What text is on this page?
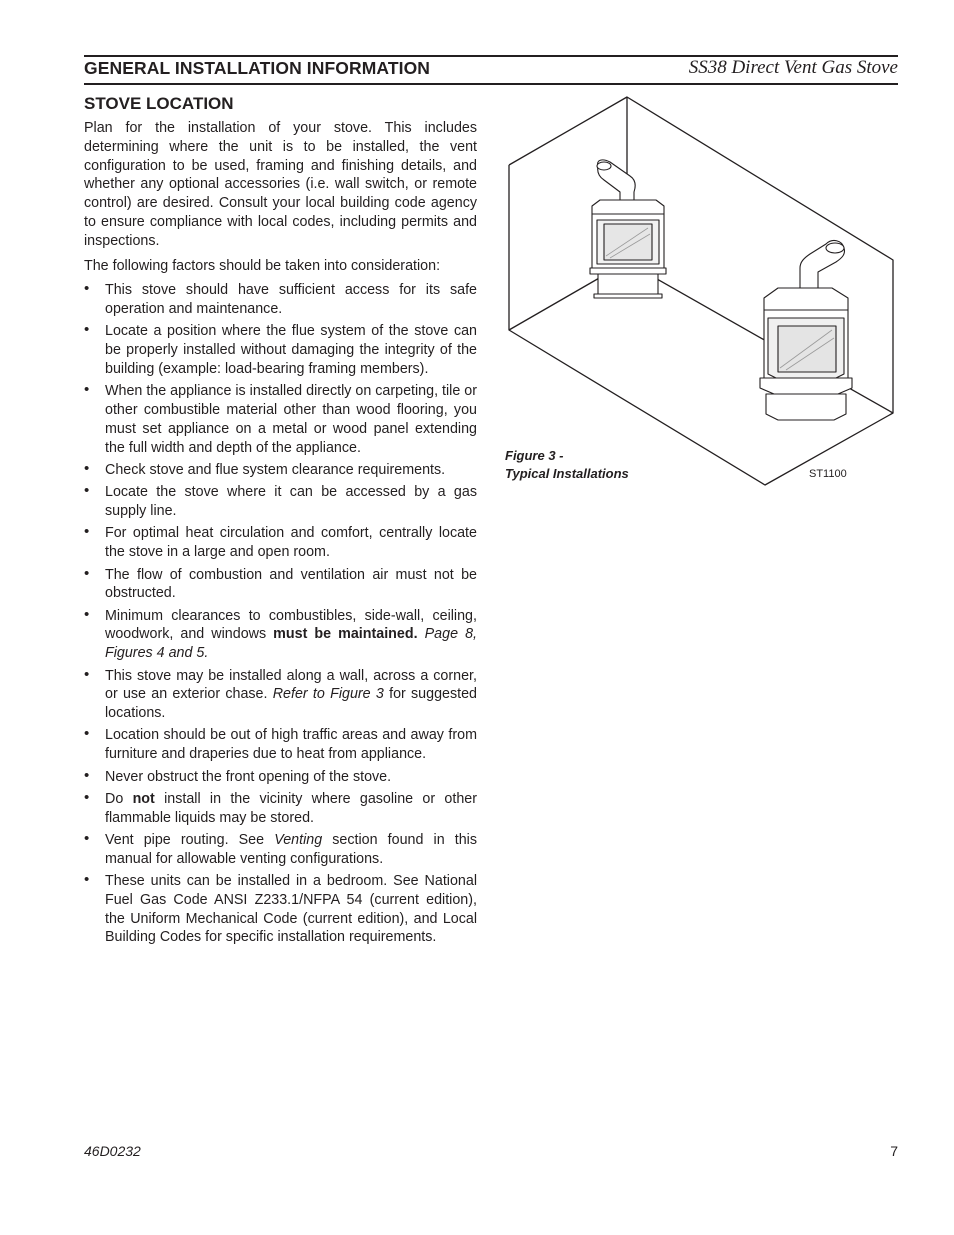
GENERAL INSTALLATION INFORMATION	SS38 Direct Vent Gas Stove
STOVE LOCATION

Plan for the installation of your stove. This includes determining where the unit is to be installed, the vent configuration to be used, framing and finishing details, and whether any optional accessories (i.e. wall switch, or remote control) are desired. Consult your local building code agency to ensure compliance with local codes, including permits and inspections.

The following factors should be taken into consideration:

• This stove should have sufficient access for its safe operation and maintenance.
• Locate a position where the flue system of the stove can be properly installed without damaging the integrity of the building (example: load-bearing framing members).
• When the appliance is installed directly on carpeting, tile or other combustible material other than wood flooring, you must set appliance on a metal or wood panel extending the full width and depth of the appliance.
• Check stove and flue system clearance requirements.
• Locate the stove where it can be accessed by a gas supply line.
• For optimal heat circulation and comfort, centrally locate the stove in a large and open room.
• The flow of combustion and ventilation air must not be obstructed.
• Minimum clearances to combustibles, side-wall, ceiling, woodwork, and windows must be maintained. Page 8, Figures 4 and 5.
• This stove may be installed along a wall, across a corner, or use an exterior chase. Refer to Figure 3 for suggested locations.
• Location should be out of high traffic areas and away from furniture and draperies due to heat from appliance.
• Never obstruct the front opening of the stove.
• Do not install in the vicinity where gasoline or other flammable liquids may be stored.
• Vent pipe routing. See Venting section found in this manual for allowable venting configurations.
• These units can be installed in a bedroom. See National Fuel Gas Code ANSI Z233.1/NFPA 54 (current edition), the Uniform Mechanical Code (current edition), and Local Building Codes for specific installation requirements.
Figure 3 -
Typical Installations	ST1100
46D0232	7
